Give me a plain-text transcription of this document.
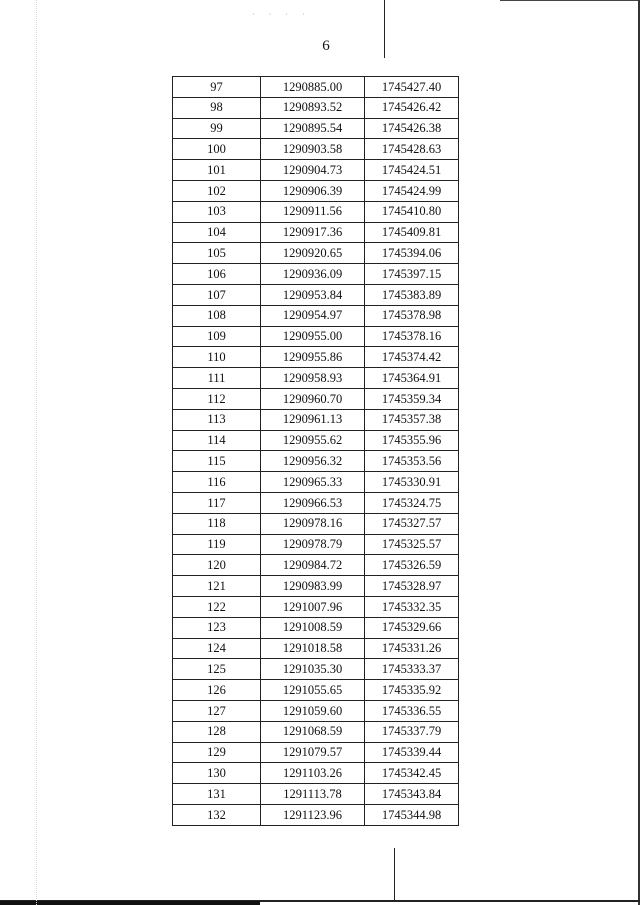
· · · ·
6
97	1290885.00	1745427.40
98	1290893.52	1745426.42
99	1290895.54	1745426.38
100	1290903.58	1745428.63
101	1290904.73	1745424.51
102	1290906.39	1745424.99
103	1290911.56	1745410.80
104	1290917.36	1745409.81
105	1290920.65	1745394.06
106	1290936.09	1745397.15
107	1290953.84	1745383.89
108	1290954.97	1745378.98
109	1290955.00	1745378.16
110	1290955.86	1745374.42
111	1290958.93	1745364.91
112	1290960.70	1745359.34
113	1290961.13	1745357.38
114	1290955.62	1745355.96
115	1290956.32	1745353.56
116	1290965.33	1745330.91
117	1290966.53	1745324.75
118	1290978.16	1745327.57
119	1290978.79	1745325.57
120	1290984.72	1745326.59
121	1290983.99	1745328.97
122	1291007.96	1745332.35
123	1291008.59	1745329.66
124	1291018.58	1745331.26
125	1291035.30	1745333.37
126	1291055.65	1745335.92
127	1291059.60	1745336.55
128	1291068.59	1745337.79
129	1291079.57	1745339.44
130	1291103.26	1745342.45
131	1291113.78	1745343.84
132	1291123.96	1745344.98
